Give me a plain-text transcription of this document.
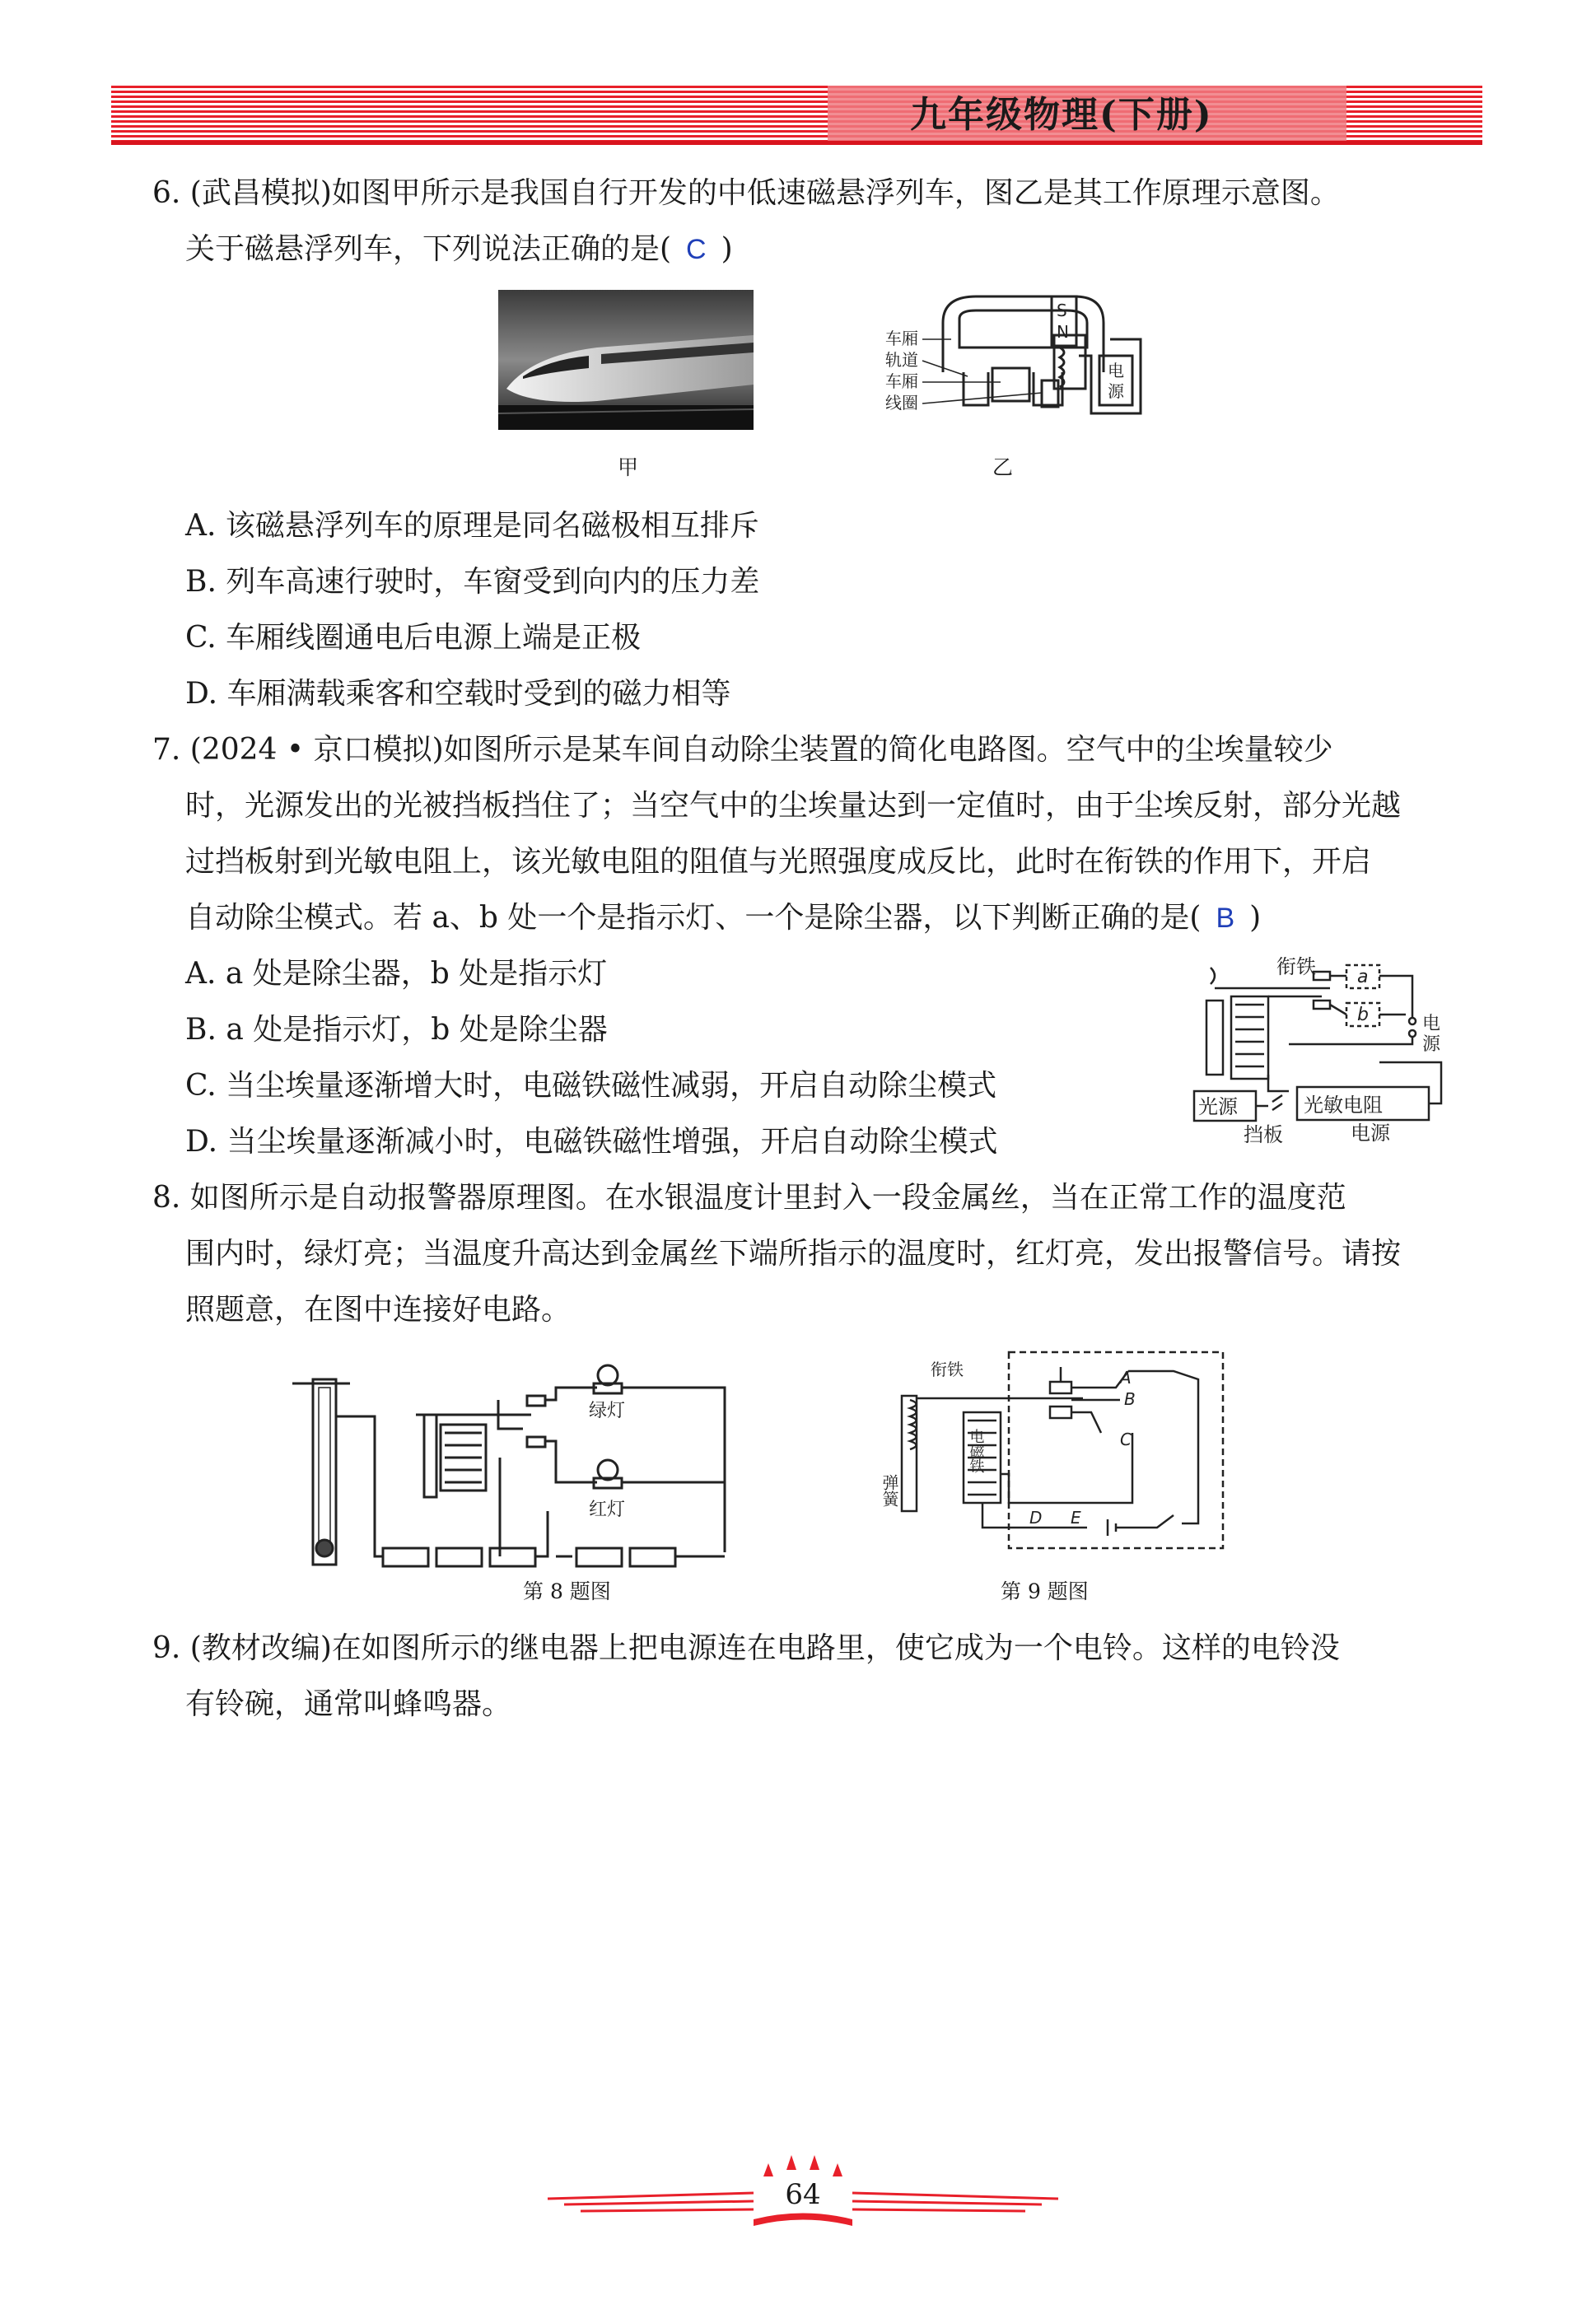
九年级物理(下册)
6. (武昌模拟)如图甲所示是我国自行开发的中低速磁悬浮列车，图乙是其工作原理示意图。
关于磁悬浮列车，下列说法正确的是( C )
甲
S
N
电
源
车厢
轨道
车厢
线圈
乙
A. 该磁悬浮列车的原理是同名磁极相互排斥
B. 列车高速行驶时，车窗受到向内的压力差
C. 车厢线圈通电后电源上端是正极
D. 车厢满载乘客和空载时受到的磁力相等
7. (2024 • 京口模拟)如图所示是某车间自动除尘装置的简化电路图。空气中的尘埃量较少
时，光源发出的光被挡板挡住了；当空气中的尘埃量达到一定值时，由于尘埃反射，部分光越
过挡板射到光敏电阻上，该光敏电阻的阻值与光照强度成反比，此时在衔铁的作用下，开启
自动除尘模式。若 a、b 处一个是指示灯、一个是除尘器，以下判断正确的是( B )
A. a 处是除尘器，b 处是指示灯
B. a 处是指示灯，b 处是除尘器
C. 当尘埃量逐渐增大时，电磁铁磁性减弱，开启自动除尘模式
D. 当尘埃量逐渐减小时，电磁铁磁性增强，开启自动除尘模式
衔铁 a
b	电
源
光源	光敏电阻
挡板	电源
8. 如图所示是自动报警器原理图。在水银温度计里封入一段金属丝，当在正常工作的温度范
围内时，绿灯亮；当温度升高达到金属丝下端所指示的温度时，红灯亮，发出报警信号。请按
照题意，在图中连接好电路。
绿灯
红灯
第 8 题图
衔铁
弹簧
电磁铁
A
B
C
D E
第 9 题图
9. (教材改编)在如图所示的继电器上把电源连在电路里，使它成为一个电铃。这样的电铃没
有铃碗，通常叫蜂鸣器。
64
